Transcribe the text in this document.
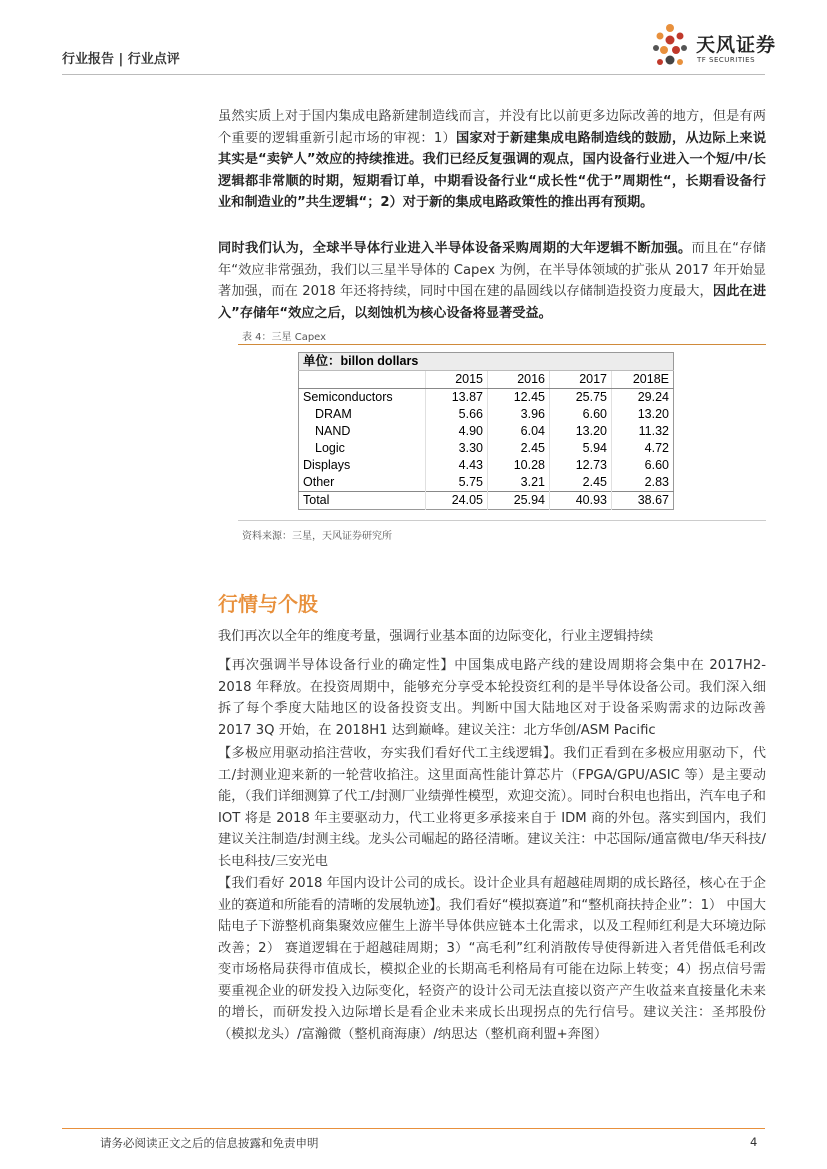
行业报告 | 行业点评
天风证券
TF SECURITIES

虽然实质上对于国内集成电路新建制造线而言，并没有比以前更多边际改善的地方，但是有两个重要的逻辑重新引起市场的审视：1）国家对于新建集成电路制造线的鼓励，从边际上来说其实是“卖铲人”效应的持续推进。我们已经反复强调的观点，国内设备行业进入一个短/中/长逻辑都非常顺的时期，短期看订单，中期看设备行业“成长性“优于”周期性“，长期看设备行业和制造业的”共生逻辑“；2）对于新的集成电路政策性的推出再有预期。

同时我们认为，全球半导体行业进入半导体设备采购周期的大年逻辑不断加强。而且在“存储年“效应非常强劲，我们以三星半导体的 Capex 为例，在半导体领域的扩张从 2017 年开始显著加强，而在 2018 年还将持续，同时中国在建的晶圆线以存储制造投资力度最大，因此在进入”存储年“效应之后，以刻蚀机为核心设备将显著受益。

表 4：三星 Capex
单位：billon dollars				
	2015	2016	2017	2018E
Semiconductors	13.87	12.45	25.75	29.24
DRAM	5.66	3.96	6.60	13.20
NAND	4.90	6.04	13.20	11.32
Logic	3.30	2.45	5.94	4.72
Displays	4.43	10.28	12.73	6.60
Other	5.75	3.21	2.45	2.83
Total	24.05	25.94	40.93	38.67
资料来源：三星，天风证券研究所
行情与个股

我们再次以全年的维度考量，强调行业基本面的边际变化，行业主逻辑持续

【再次强调半导体设备行业的确定性】中国集成电路产线的建设周期将会集中在 2017H2-2018 年释放。在投资周期中，能够充分享受本轮投资红利的是半导体设备公司。我们深入细拆了每个季度大陆地区的设备投资支出。判断中国大陆地区对于设备采购需求的边际改善 2017 3Q 开始，在 2018H1 达到巅峰。建议关注：北方华创/ASM Pacific

【多极应用驱动掐注营收，夯实我们看好代工主线逻辑】。我们正看到在多极应用驱动下，代工/封测业迎来新的一轮营收掐注。这里面高性能计算芯片（FPGA/GPU/ASIC 等）是主要动能，（我们详细测算了代工/封测厂业绩弹性模型，欢迎交流）。同时台积电也指出，汽车电子和 IOT 将是 2018 年主要驱动力，代工业将更多承接来自于 IDM 商的外包。落实到国内，我们建议关注制造/封测主线。龙头公司崛起的路径清晰。建议关注：中芯国际/通富微电/华天科技/长电科技/三安光电

【我们看好 2018 年国内设计公司的成长。设计企业具有超越硅周期的成长路径，核心在于企业的赛道和所能看的清晰的发展轨迹】。我们看好“模拟赛道”和“整机商扶持企业”：1） 中国大陆电子下游整机商集聚效应催生上游半导体供应链本土化需求，以及工程师红利是大环境边际改善；2） 赛道逻辑在于超越硅周期；3）“高毛利”红利消散传导使得新进入者凭借低毛利改变市场格局获得市值成长，模拟企业的长期高毛利格局有可能在边际上转变；4）拐点信号需要重视企业的研发投入边际变化，轻资产的设计公司无法直接以资产产生收益来直接量化未来的增长，而研发投入边际增长是看企业未来成长出现拐点的先行信号。建议关注：圣邦股份（模拟龙头）/富瀚微（整机商海康）/纳思达（整机商利盟+奔图）

请务必阅读正文之后的信息披露和免责申明	4
